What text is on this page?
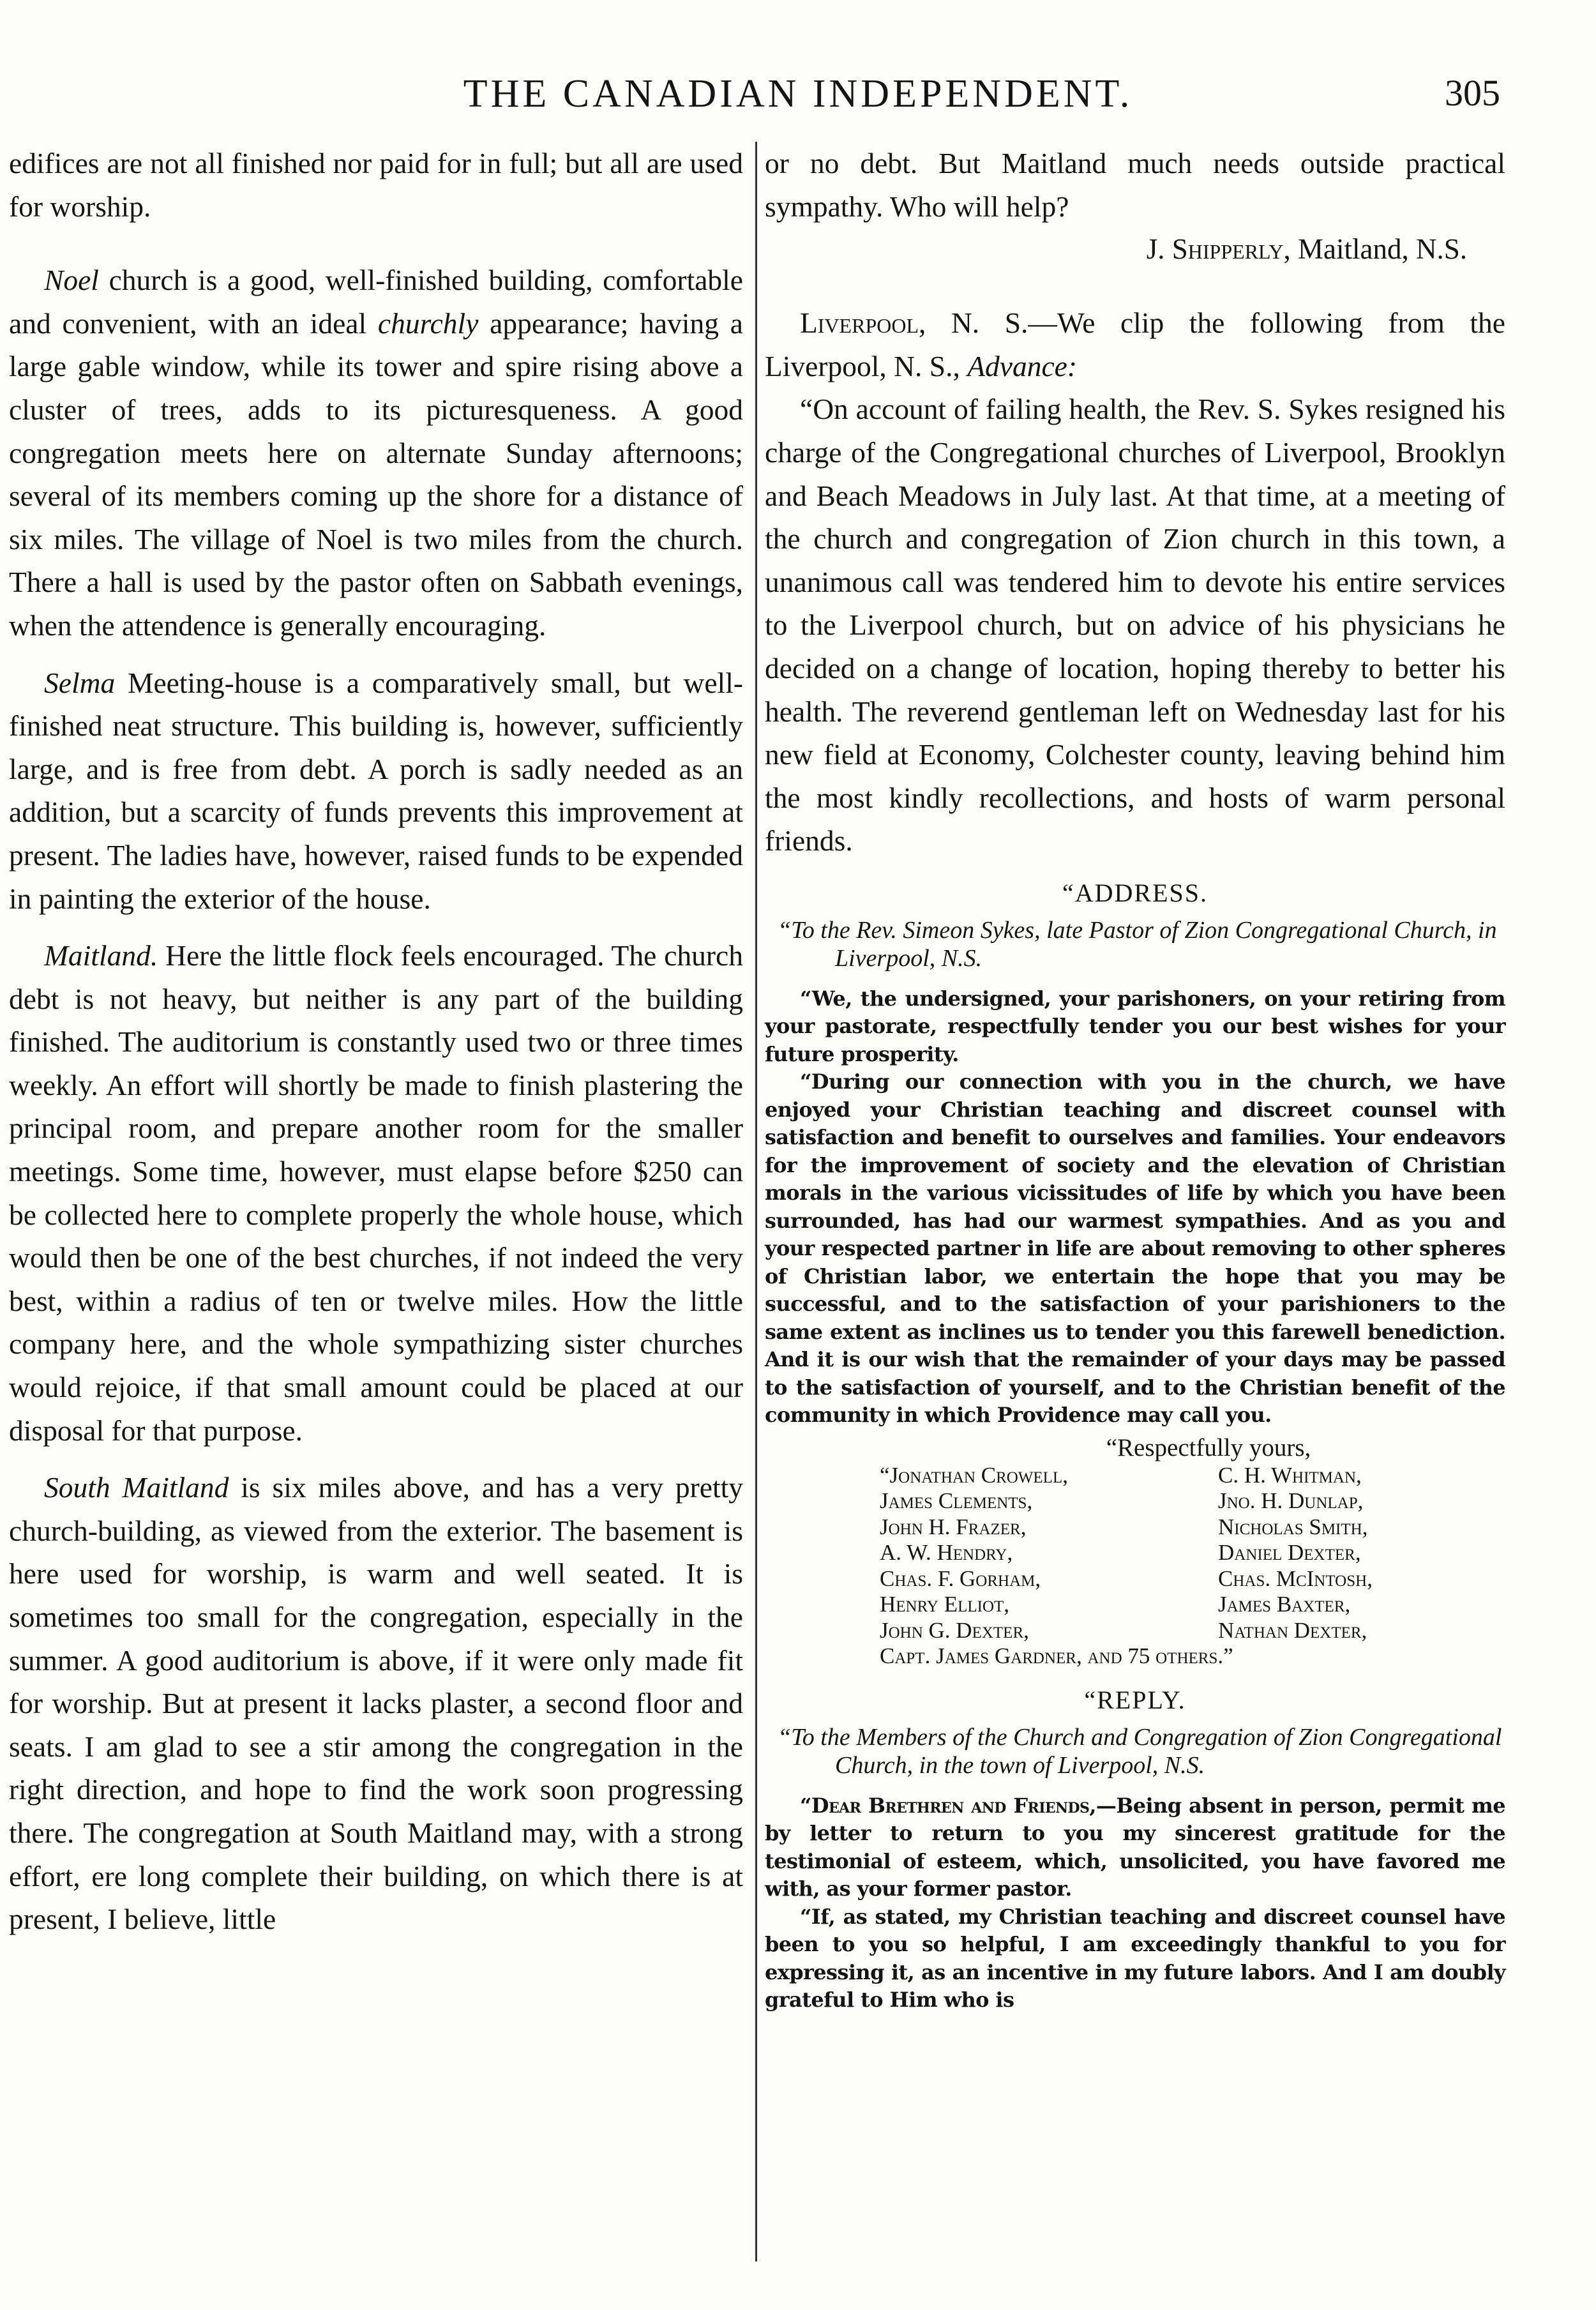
THE CANADIAN INDEPENDENT.	305

edifices are not all finished nor paid for in full; but all are used for worship.

Noel church is a good, well-finished building, comfortable and convenient, with an ideal churchly appearance; having a large gable window, while its tower and spire rising above a cluster of trees, adds to its picturesqueness. A good congregation meets here on alternate Sunday afternoons; several of its members coming up the shore for a distance of six miles. The village of Noel is two miles from the church. There a hall is used by the pastor often on Sabbath evenings, when the attendence is generally encouraging.

Selma Meeting-house is a comparatively small, but well-finished neat structure. This building is, however, sufficiently large, and is free from debt. A porch is sadly needed as an addition, but a scarcity of funds prevents this improvement at present. The ladies have, however, raised funds to be expended in painting the exterior of the house.

Maitland. Here the little flock feels encouraged. The church debt is not heavy, but neither is any part of the building finished. The auditorium is constantly used two or three times weekly. An effort will shortly be made to finish plastering the principal room, and prepare another room for the smaller meetings. Some time, however, must elapse before $250 can be collected here to complete properly the whole house, which would then be one of the best churches, if not indeed the very best, within a radius of ten or twelve miles. How the little company here, and the whole sympathizing sister churches would rejoice, if that small amount could be placed at our disposal for that purpose.

South Maitland is six miles above, and has a very pretty church-building, as viewed from the exterior. The basement is here used for worship, is warm and well seated. It is sometimes too small for the congregation, especially in the summer. A good auditorium is above, if it were only made fit for worship. But at present it lacks plaster, a second floor and seats. I am glad to see a stir among the congregation in the right direction, and hope to find the work soon progressing there. The congregation at South Maitland may, with a strong effort, ere long complete their building, on which there is at present, I believe, little

or no debt. But Maitland much needs outside practical sympathy. Who will help?

J. Shipperly, Maitland, N.S.

Liverpool, N. S.—We clip the following from the Liverpool, N. S., Advance:

“On account of failing health, the Rev. S. Sykes resigned his charge of the Congregational churches of Liverpool, Brooklyn and Beach Meadows in July last. At that time, at a meeting of the church and congregation of Zion church in this town, a unanimous call was tendered him to devote his entire services to the Liverpool church, but on advice of his physicians he decided on a change of location, hoping thereby to better his health. The reverend gentleman left on Wednesday last for his new field at Economy, Colchester county, leaving behind him the most kindly recollections, and hosts of warm personal friends.

“ADDRESS.

“To the Rev. Simeon Sykes, late Pastor of Zion Congregational Church, in Liverpool, N.S.

“We, the undersigned, your parishoners, on your retiring from your pastorate, respectfully tender you our best wishes for your future prosperity.

“During our connection with you in the church, we have enjoyed your Christian teaching and discreet counsel with satisfaction and benefit to ourselves and families. Your endeavors for the improvement of society and the elevation of Christian morals in the various vicissitudes of life by which you have been surrounded, has had our warmest sympathies. And as you and your respected partner in life are about removing to other spheres of Christian labor, we entertain the hope that you may be successful, and to the satisfaction of your parishioners to the same extent as inclines us to tender you this farewell benediction. And it is our wish that the remainder of your days may be passed to the satisfaction of yourself, and to the Christian benefit of the community in which Providence may call you.

“Respectfully yours,

“Jonathan Crowell,	C. H. Whitman,
James Clements,	Jno. H. Dunlap,
John H. Frazer,	Nicholas Smith,
A. W. Hendry,	Daniel Dexter,
Chas. F. Gorham,	Chas. McIntosh,
Henry Elliot,	James Baxter,
John G. Dexter,	Nathan Dexter,
Capt. James Gardner, and 75 others.”

“REPLY.

“To the Members of the Church and Congregation of Zion Congregational Church, in the town of Liverpool, N.S.

“Dear Brethren and Friends,—Being absent in person, permit me by letter to return to you my sincerest gratitude for the testimonial of esteem, which, unsolicited, you have favored me with, as your former pastor.

“If, as stated, my Christian teaching and discreet counsel have been to you so helpful, I am exceedingly thankful to you for expressing it, as an incentive in my future labors. And I am doubly grateful to Him who is
